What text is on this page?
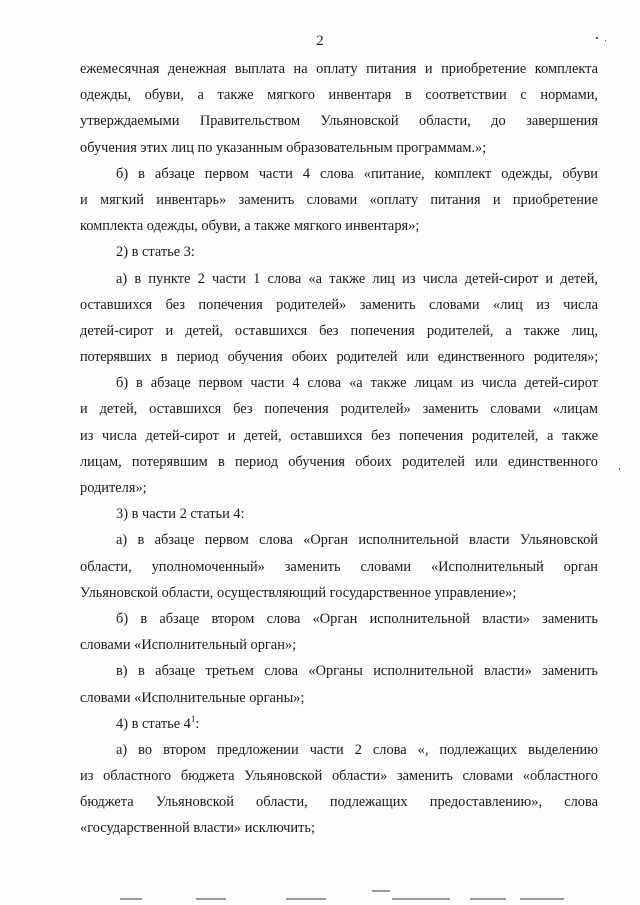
2
ежемесячная денежная выплата на оплату питания и приобретение комплекта
одежды, обуви, а также мягкого инвентаря в соответствии с нормами,
утверждаемыми Правительством Ульяновской области, до завершения
обучения этих лиц по указанным образовательным программам.»;
б) в абзаце первом части 4 слова «питание, комплект одежды, обуви
и мягкий инвентарь» заменить словами «оплату питания и приобретение
комплекта одежды, обуви, а также мягкого инвентаря»;
2) в статье 3:
а) в пункте 2 части 1 слова «а также лиц из числа детей-сирот и детей,
оставшихся без попечения родителей» заменить словами «лиц из числа
детей-сирот и детей, оставшихся без попечения родителей, а также лиц,
потерявших в период обучения обоих родителей или единственного родителя»;
б) в абзаце первом части 4 слова «а также лицам из числа детей-сирот
и детей, оставшихся без попечения родителей» заменить словами «лицам
из числа детей-сирот и детей, оставшихся без попечения родителей, а также
лицам, потерявшим в период обучения обоих родителей или единственного
родителя»;
3) в части 2 статьи 4:
а) в абзаце первом слова «Орган исполнительной власти Ульяновской
области, уполномоченный» заменить словами «Исполнительный орган
Ульяновской области, осуществляющий государственное управление»;
б) в абзаце втором слова «Орган исполнительной власти» заменить
словами «Исполнительный орган»;
в) в абзаце третьем слова «Органы исполнительной власти» заменить
словами «Исполнительные органы»;
4) в статье $4^1$:
а) во втором предложении части 2 слова «, подлежащих выделению
из областного бюджета Ульяновской области» заменить словами «областного
бюджета Ульяновской области, подлежащих предоставлению», слова
«государственной власти» исключить;
